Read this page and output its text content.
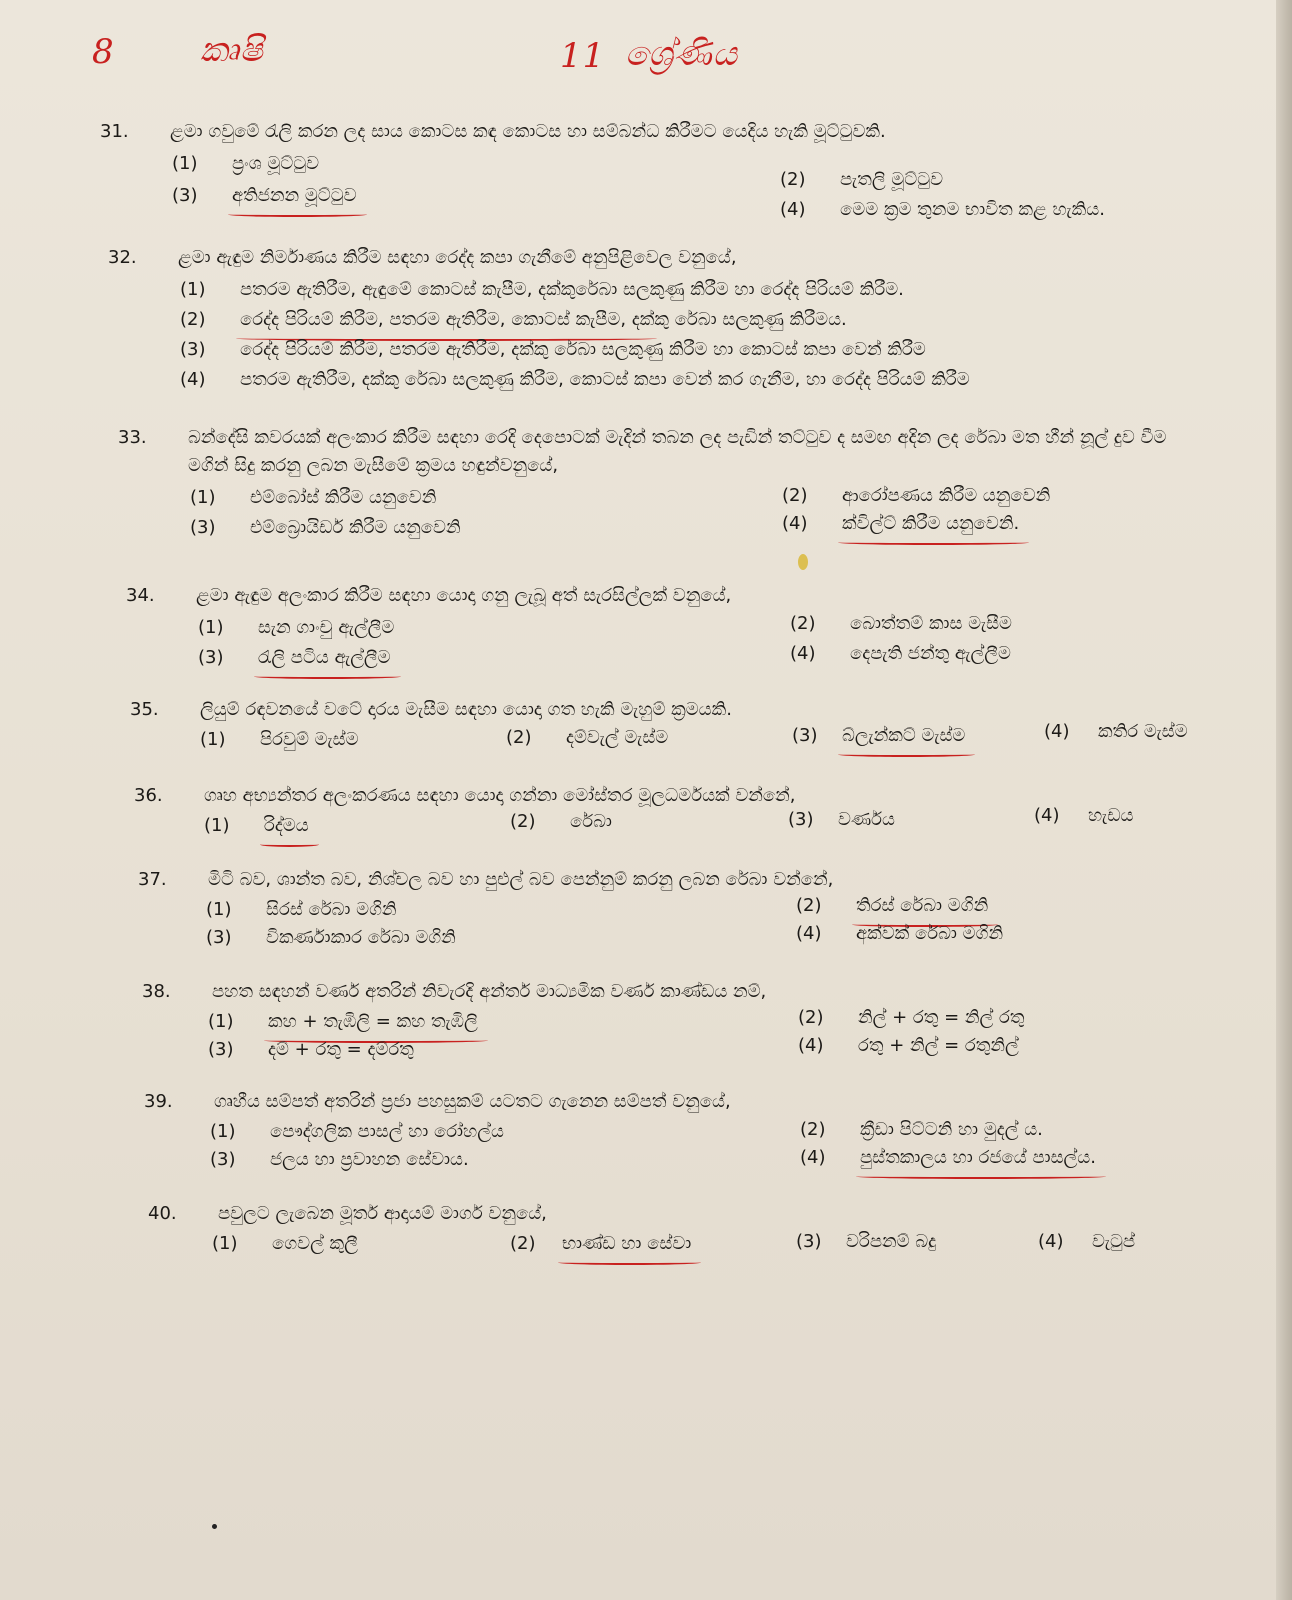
8	කෘෂි	11 ශ්‍රේණිය
31.	ළමා ගවුමේ රැලි කරන ලද සාය කොටස කඳ කොටස හා සම්බන්ධ කිරීමට යෙදිය හැකි මූට්ටුවකි.
(1) ප්‍රංශ මූට්ටුව
(2) පැතලි මූට්ටුව
(3) අතිජනන මූට්ටුව
(4) මෙම ක්‍රම තුනම භාවිත කළ හැකිය.
32.	ළමා ඇඳුම නිර්මාණය කිරීම සඳහා රෙද්ද කපා ගැනීමේ අනුපිළිවෙල වනුයේ,
(1) පතරම ඇතිරීම, ඇඳුමේ කොටස් කැපීම, දක්කුරේබා සලකුණු කිරීම හා රෙද්ද පිරියම් කිරීම.
(2) රෙද්ද පිරියම් කිරීම, පතරම ඇතිරීම, කොටස් කැපීම, දක්කු රේබා සලකුණු කිරීමය.
(3) රෙද්ද පිරියම් කිරීම, පතරම ඇතිරීම, දක්කු රේබා සලකුණු කිරීම හා කොටස් කපා වෙන් කිරීම
(4) පතරම ඇතිරීම, දක්කු රේබා සලකුණු කිරීම, කොටස් කපා වෙන් කර ගැනීම, හා රෙද්ද පිරියම් කිරීම
33.	බන්දේසි කවරයක් අලංකාර කිරීම සඳහා රෙදි දෙපොටක් මැදින් තබන ලද පැඩින් තට්ටුව ද සමඟ අදින ලද රේබා මත හීන් නූල් දුව වීම මගින් සිදු කරනු ලබන මැසීමේ ක්‍රමය හඳුන්වනුයේ,
(1) එම්බෝස් කිරීම යනුවෙනි	(2) ආරෝපණය කිරීම යනුවෙනි
(3) එම්බ්‍රොයිඩර් කිරීම යනුවෙනි	(4) ක්විල්ට් කිරීම යනුවෙනි.
34.	ළමා ඇඳුම අලංකාර කිරීම සඳහා යොදා ගනු ලැබූ අත් සැරසිල්ලක් වනුයේ,
(1) සැන ගාංචු ඇල්ලීම	(2) බොත්තම් කාස මැසීම
(3) රැලි පටිය ඇල්ලීම	(4) දෙපැති ජන්තු ඇල්ලීම
35.	ලියුම් රඳවනයේ වටේ දාරය මැසීම සඳහා යොදා ගත හැකි මැහුම් ක්‍රමයකි.
(1) පිරවුම් මැස්ම	(2) දම්වැල් මැස්ම	(3) බ්ලැන්කට් මැස්ම	(4) කතිර මැස්ම
36.	ගෘහ අභ්‍යන්තර අලංකරණය සඳහා යොදා ගන්නා මෝස්තර මූලධර්මයක් වන්නේ,
(1) රිද්මය	(2) රේබා	(3) වර්ණය	(4) හැඩය
37.	මිටි බව, ශාන්ත බව, නිශ්චල බව හා පුළුල් බව පෙන්නුම් කරනු ලබන රේබා වන්නේ,
(1) සිරස් රේබා මගිනි	(2) තිරස් රේබා මගිනි
(3) විකර්ණාකාර රේබා මගිනි	(4) අක්වක් රේබා මගිනි
38.	පහත සඳහන් වර්ණ අතරින් නිවැරදි අන්තර් මාධ්‍යමික වර්ණ කාණ්ඩය නම්,
(1) කහ + තැඹිලි = කහ තැඹිලි	(2) නිල් + රතු = නිල් රතු
(3) දම් + රතු = දම්රතු	(4) රතු + නිල් = රතුනිල්
39.	ගෘහීය සම්පත් අතරින් ප්‍රජා පහසුකම් යටතට ගැනෙන සම්පත් වනුයේ,
(1) පෞද්ගලික පාසල් හා රෝහල්ය	(2) ක්‍රීඩා පිට්ටනි හා මුදල් ය.
(3) ජලය හා ප්‍රවාහන සේවාය.	(4) පුස්තකාලය හා රජයේ පාසල්ය.
40.	පවුලට ලැබෙන මූර්ත ආදායම් මාර්ග වනුයේ,
(1) ගෙවල් කුලී	(2) භාණ්ඩ හා සේවා	(3) වරිපනම් බදු	(4) වැටුප්
